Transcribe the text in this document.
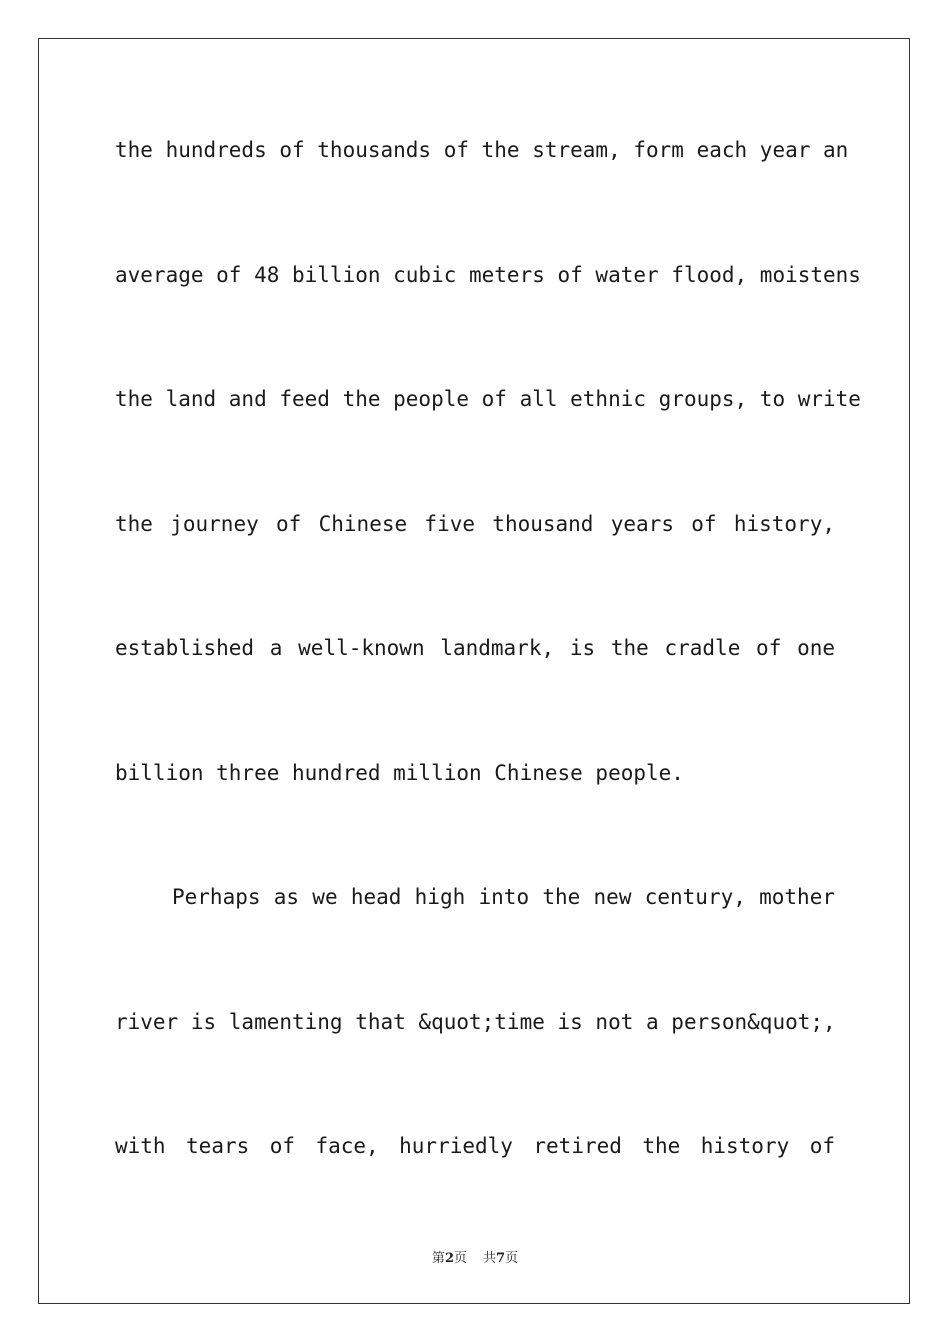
the hundreds of thousands of the stream, form each year an
average of 48 billion cubic meters of water flood, moistens
the land and feed the people of all ethnic groups, to write
the journey of Chinese five thousand years of history,
established a well-known landmark, is the cradle of one
billion three hundred million Chinese people.
Perhaps as we head high into the new century, mother
river is lamenting that &quot;time is not a person&quot;,
with tears of face, hurriedly retired the history of
第2页 共7页
